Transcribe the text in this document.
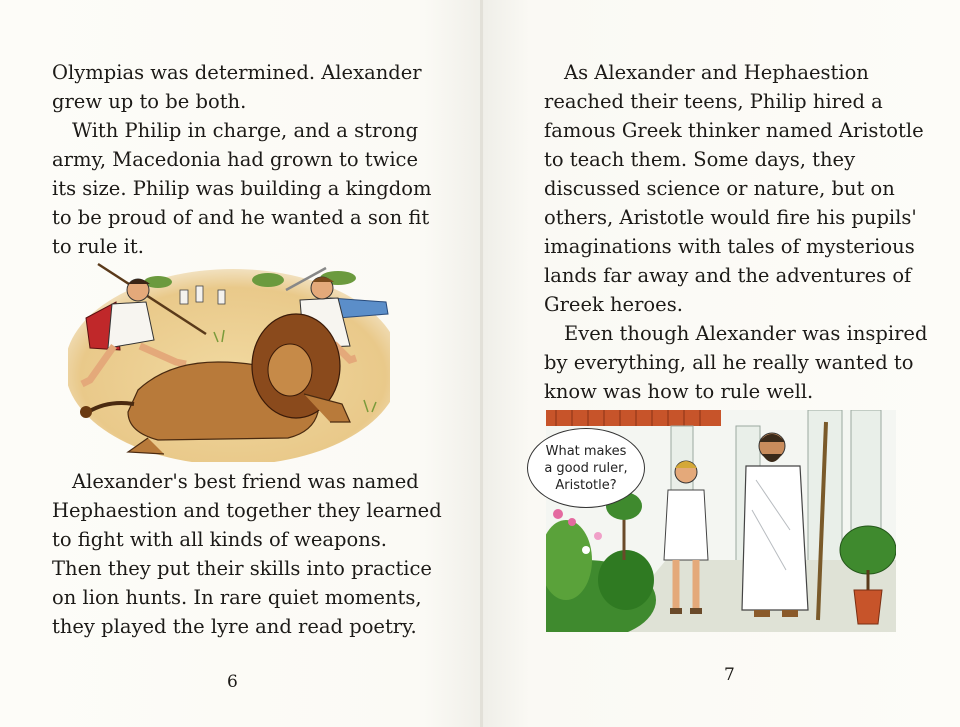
Olympias was determined. Alexander

grew up to be both.

With Philip in charge, and a strong

army, Macedonia had grown to twice

its size. Philip was building a kingdom

to be proud of and he wanted a son fit

to rule it.

Alexander's best friend was named

Hephaestion and together they learned

to fight with all kinds of weapons.

Then they put their skills into practice

on lion hunts. In rare quiet moments,

they played the lyre and read poetry.

6

As Alexander and Hephaestion

reached their teens, Philip hired a

famous Greek thinker named Aristotle

to teach them. Some days, they

discussed science or nature, but on

others, Aristotle would fire his pupils'

imaginations with tales of mysterious

lands far away and the adventures of

Greek heroes.

Even though Alexander was inspired

by everything, all he really wanted to

know was how to rule well.

What makes
a good ruler,
Aristotle?
7
